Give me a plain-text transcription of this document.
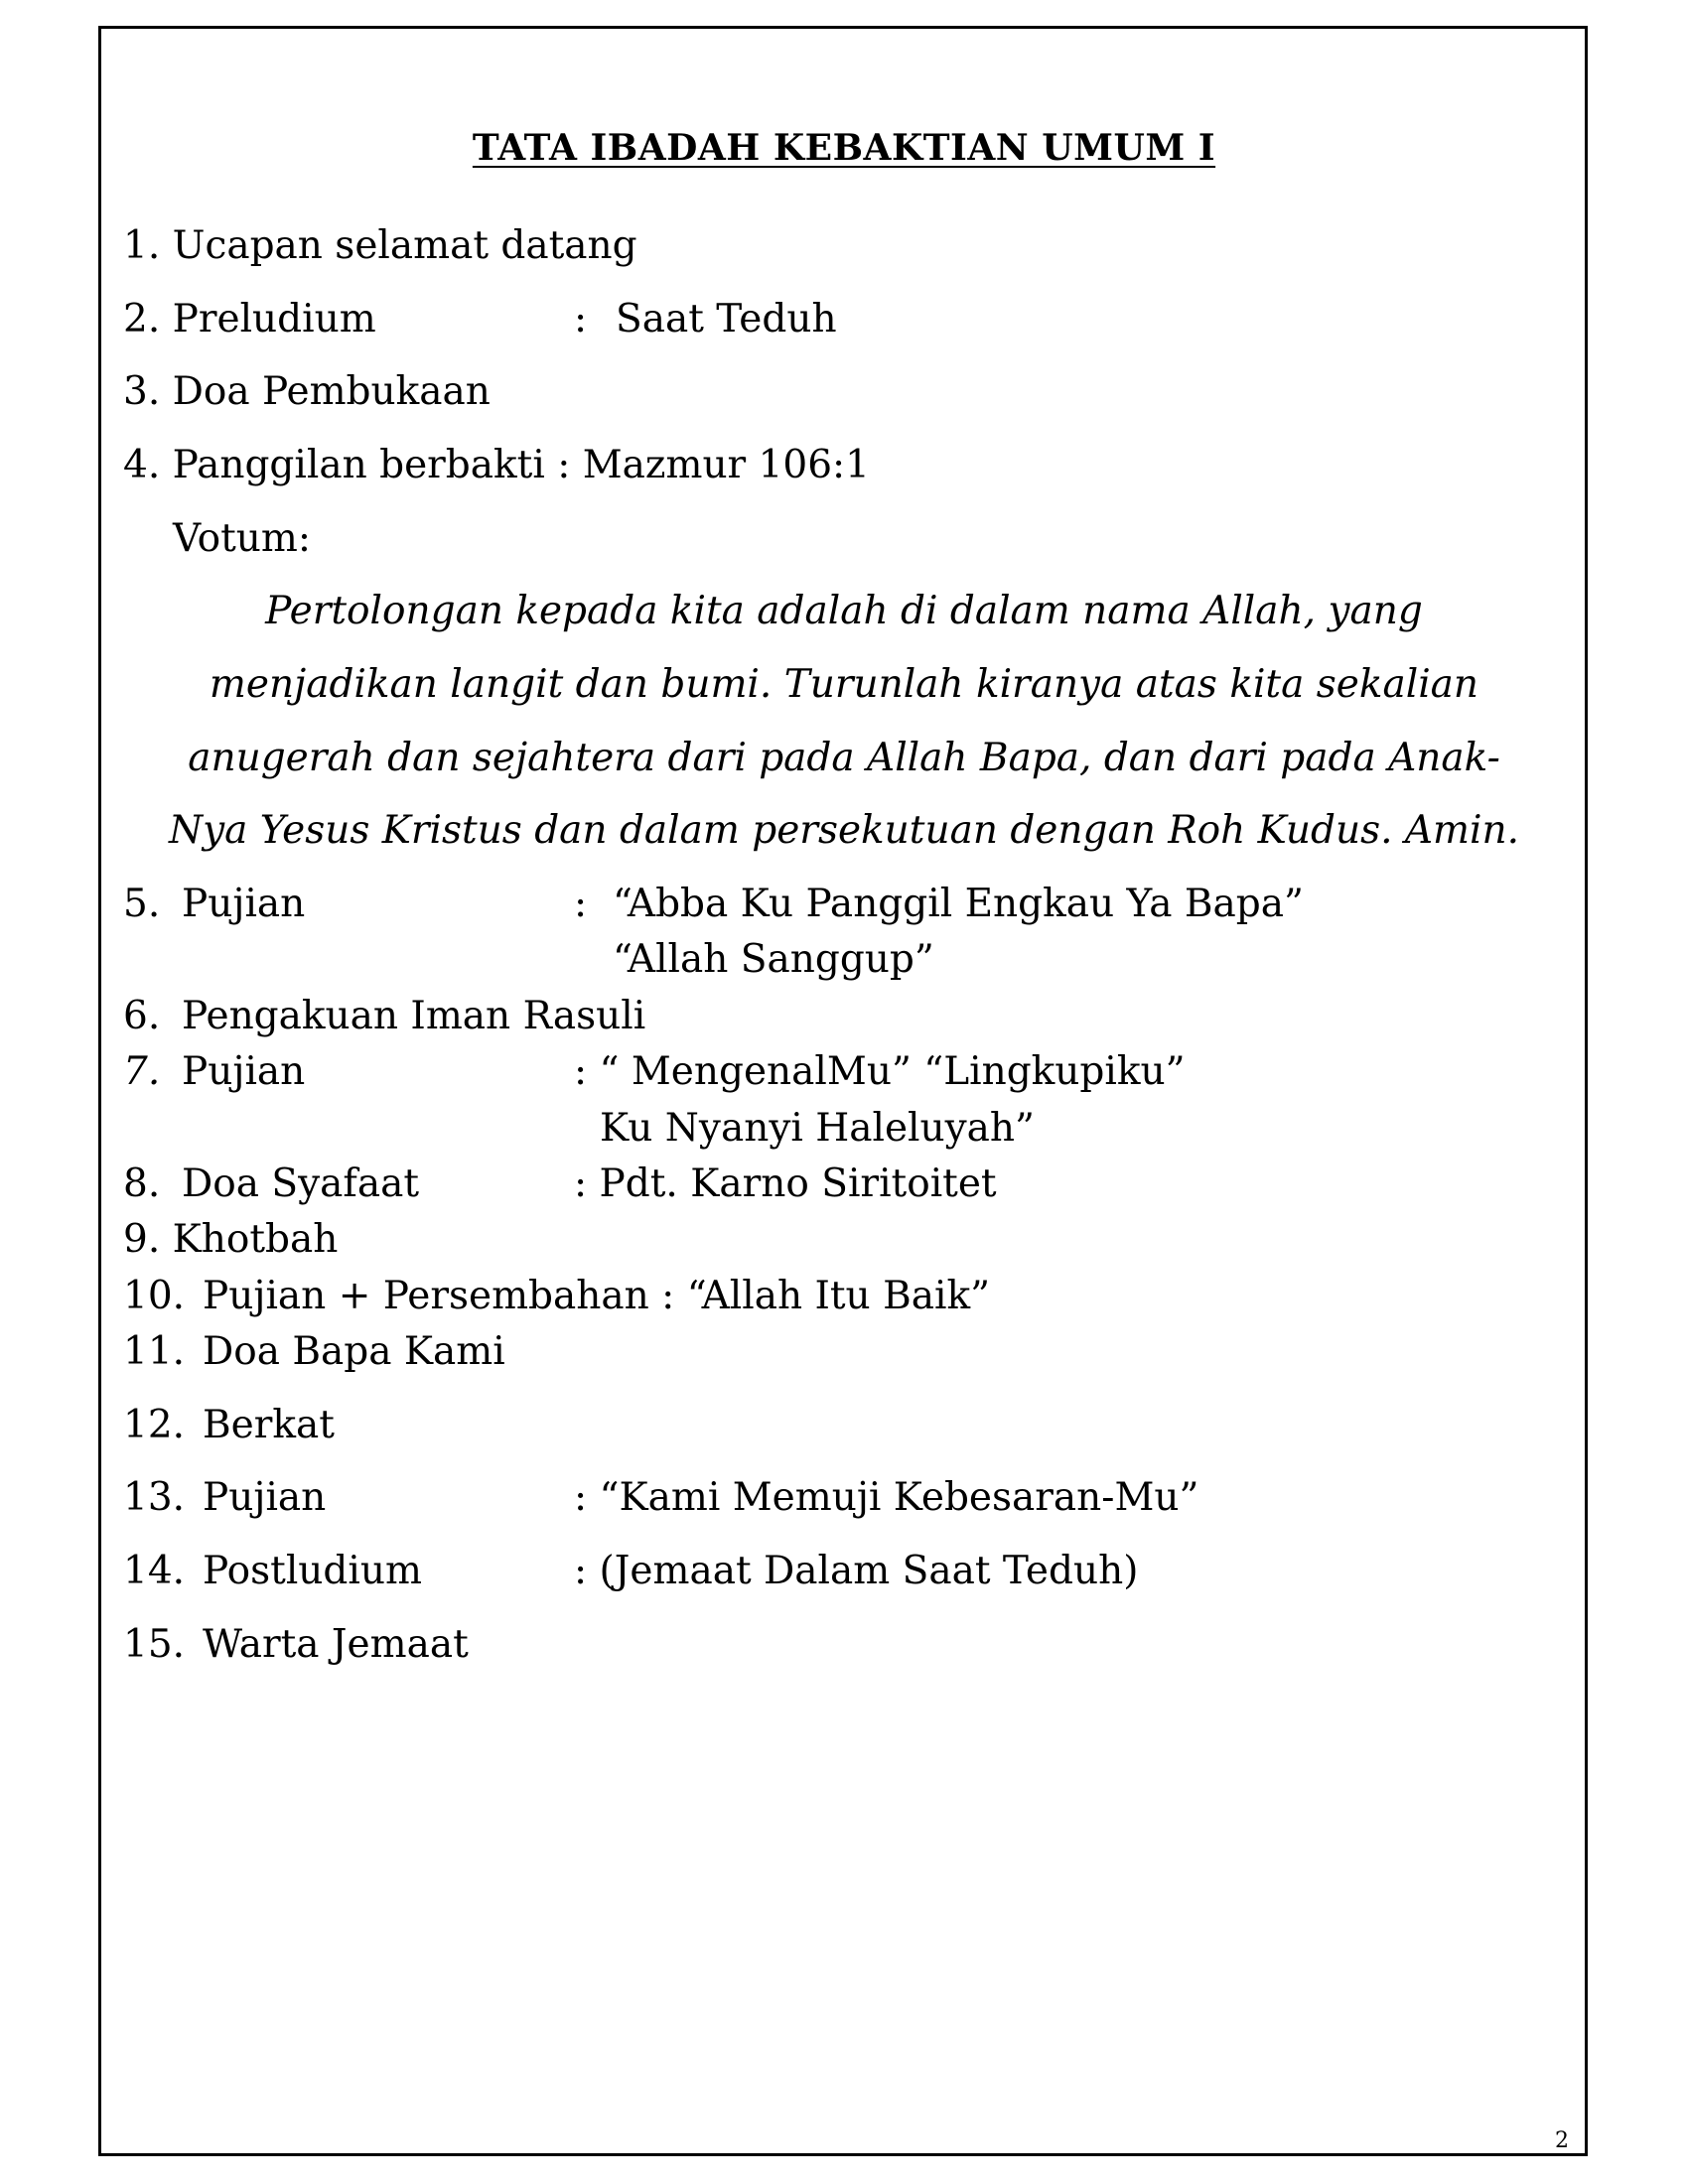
TATA IBADAH KEBAKTIAN UMUM I
1. Ucapan selamat datang
2. Preludium	: Saat Teduh
3. Doa Pembukaan
4. Panggilan berbakti : Mazmur 106:1
Votum:
Pertolongan kepada kita adalah di dalam nama Allah, yang
menjadikan langit dan bumi. Turunlah kiranya atas kita sekalian
anugerah dan sejahtera dari pada Allah Bapa, dan dari pada Anak-
Nya Yesus Kristus dan dalam persekutuan dengan Roh Kudus. Amin.
5. Pujian	: “Abba Ku Panggil Engkau Ya Bapa”
“Allah Sanggup”
6. Pengakuan Iman Rasuli
7. Pujian	: “ MengenalMu” “Lingkupiku”
Ku Nyanyi Haleluyah”
8. Doa Syafaat	: Pdt. Karno Siritoitet
9. Khotbah
10. Pujian + Persembahan : “Allah Itu Baik”
11. Doa Bapa Kami
12. Berkat
13. Pujian	: “Kami Memuji Kebesaran-Mu”
14. Postludium	: (Jemaat Dalam Saat Teduh)
15. Warta Jemaat
2
